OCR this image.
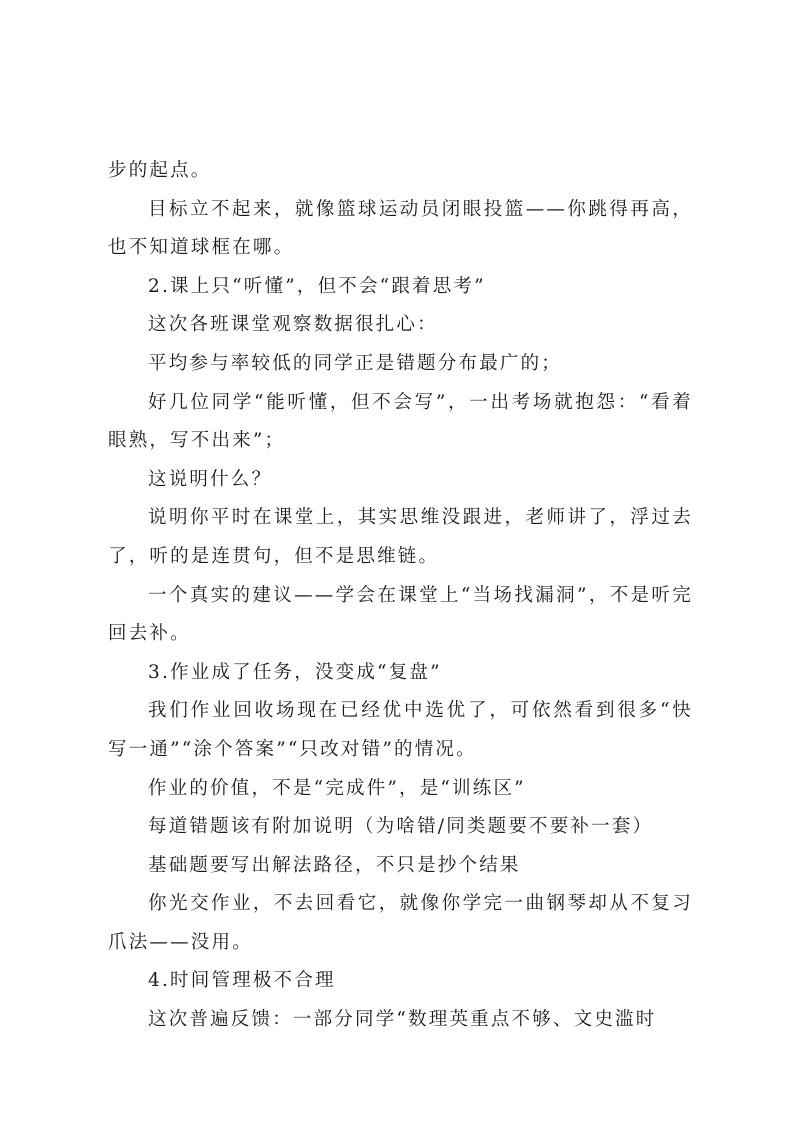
步的起点。

目标立不起来，就像篮球运动员闭眼投篮——你跳得再高，也不知道球框在哪。

2.课上只“听懂”，但不会“跟着思考”

这次各班课堂观察数据很扎心：

平均参与率较低的同学正是错题分布最广的；

好几位同学“能听懂，但不会写”，一出考场就抱怨：“看着眼熟，写不出来”；

这说明什么？

说明你平时在课堂上，其实思维没跟进，老师讲了，浮过去了，听的是连贯句，但不是思维链。

一个真实的建议——学会在课堂上“当场找漏洞”，不是听完回去补。

3.作业成了任务，没变成“复盘”

我们作业回收场现在已经优中选优了，可依然看到很多“快写一通”“涂个答案”“只改对错”的情况。

作业的价值，不是“完成件”，是“训练区”

每道错题该有附加说明（为啥错/同类题要不要补一套）

基础题要写出解法路径，不只是抄个结果

你光交作业，不去回看它，就像你学完一曲钢琴却从不复习爪法——没用。

4.时间管理极不合理

这次普遍反馈：一部分同学“数理英重点不够、文史滥时
